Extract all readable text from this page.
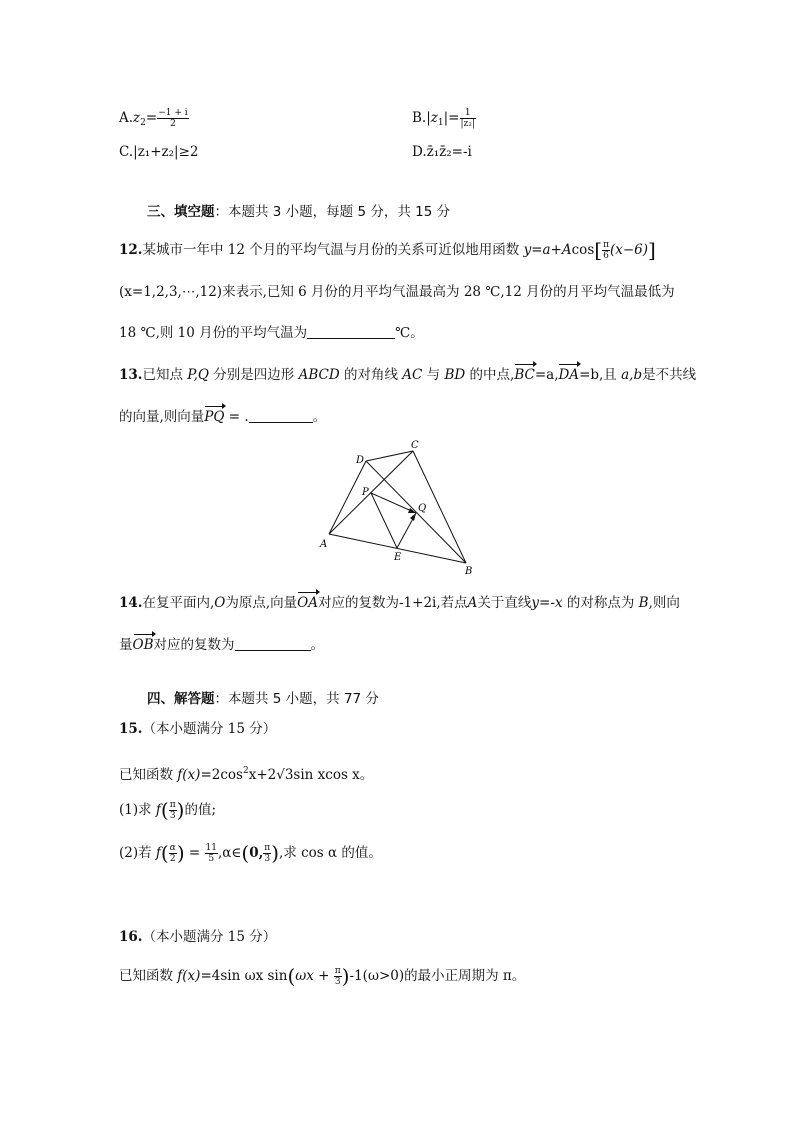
$A.z_2= \frac{-1 + i}{2}$	$B.|z_1|= \frac{1}{\text{|z₂|}}$
C.|z₁+z₂|≥2	D.z̄₁z̄₂=-i
三、填空题：本题共 3 小题，每题 5 分，共 15 分
12.某城市一年中 12 个月的平均气温与月份的关系可近似地用函数 $y=a+Acos[ \frac{\pi}{6} (x-6)]$
(x=1,2,3,⋯,12)来表示,已知 6 月份的月平均气温最高为 28 ℃,12 月份的月平均气温最低为
18 ℃,则 10 月份的平均气温为	℃。
13.已知点 P,Q 分别是四边形 ABCD 的对角线 AC 与 BD 的中点,BC=a,DA=b,且 a,b是不共线
的向量,则向量PQ = .	。
D
C
P
Q
A
E
B
14.在复平面内,O为原点,向量OA对应的复数为-1+2i,若点A关于直线y=-x 的对称点为 B,则向
量OB对应的复数为	。
四、解答题：本题共 5 小题，共 77 分
15.（本小题满分 15 分）
已知函数 $f(x)=2\cos^2x+2√3\sin$ xcos x。
(1)求 $f( \frac{\pi}{3}$ )的值;
(2)若 $f( \frac{\alpha}{2}$ ) = $\frac{11}{5}$ ,α∈(0, $\frac{\pi}{3}$ ),求 cos α 的值。
16.（本小题满分 15 分）
已知函数 f(x)=4sin ωx $\sin(\omega x + \frac{\pi}{3} )-1(\omega>0)$的最小正周期为 π。
